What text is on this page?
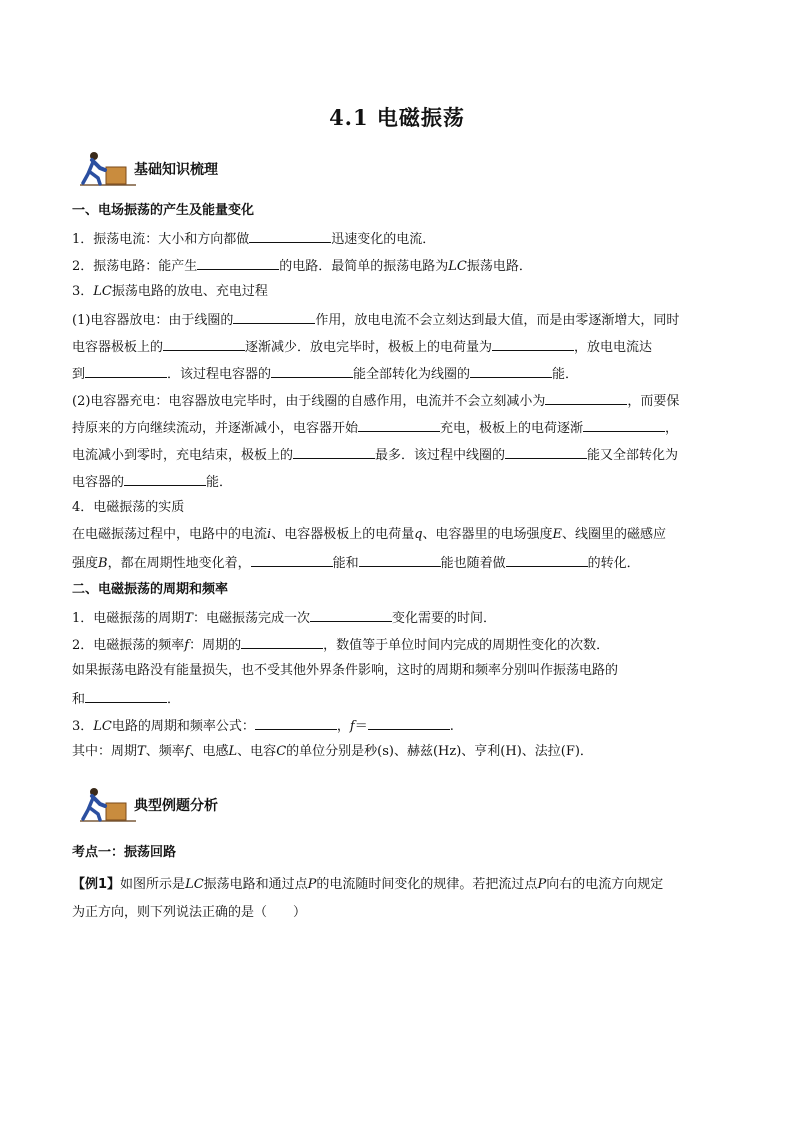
4.1 电磁振荡
基础知识梳理
一、电场振荡的产生及能量变化
1．振荡电流：大小和方向都做	迅速变化的电流．
2．振荡电路：能产生	的电路．最简单的振荡电路为LC振荡电路．
3．LC振荡电路的放电、充电过程
(1)电容器放电：由于线圈的	作用，放电电流不会立刻达到最大值，而是由零逐渐增大，同时
电容器极板上的	逐渐减少．放电完毕时，极板上的电荷量为	，放电电流达
到	．该过程电容器的	能全部转化为线圈的	能．
(2)电容器充电：电容器放电完毕时，由于线圈的自感作用，电流并不会立刻减小为	，而要保
持原来的方向继续流动，并逐渐减小，电容器开始	充电，极板上的电荷逐渐	，
电流减小到零时，充电结束，极板上的	最多．该过程中线圈的	能又全部转化为
电容器的	能．
4．电磁振荡的实质
在电磁振荡过程中，电路中的电流i、电容器极板上的电荷量q、电容器里的电场强度E、线圈里的磁感应
强度B，都在周期性地变化着，	能和	能也随着做	的转化．
二、电磁振荡的周期和频率
1．电磁振荡的周期T：电磁振荡完成一次	变化需要的时间．
2．电磁振荡的频率f：周期的	，数值等于单位时间内完成的周期性变化的次数．
如果振荡电路没有能量损失，也不受其他外界条件影响，这时的周期和频率分别叫作振荡电路的
和	．
3．LC电路的周期和频率公式：	，f＝	.
其中：周期T、频率f、电感L、电容C的单位分别是秒(s)、赫兹(Hz)、亨利(H)、法拉(F)．
典型例题分析
考点一：振荡回路
【例1】如图所示是LC振荡电路和通过点P的电流随时间变化的规律。若把流过点P向右的电流方向规定
为正方向，则下列说法正确的是（　　）
